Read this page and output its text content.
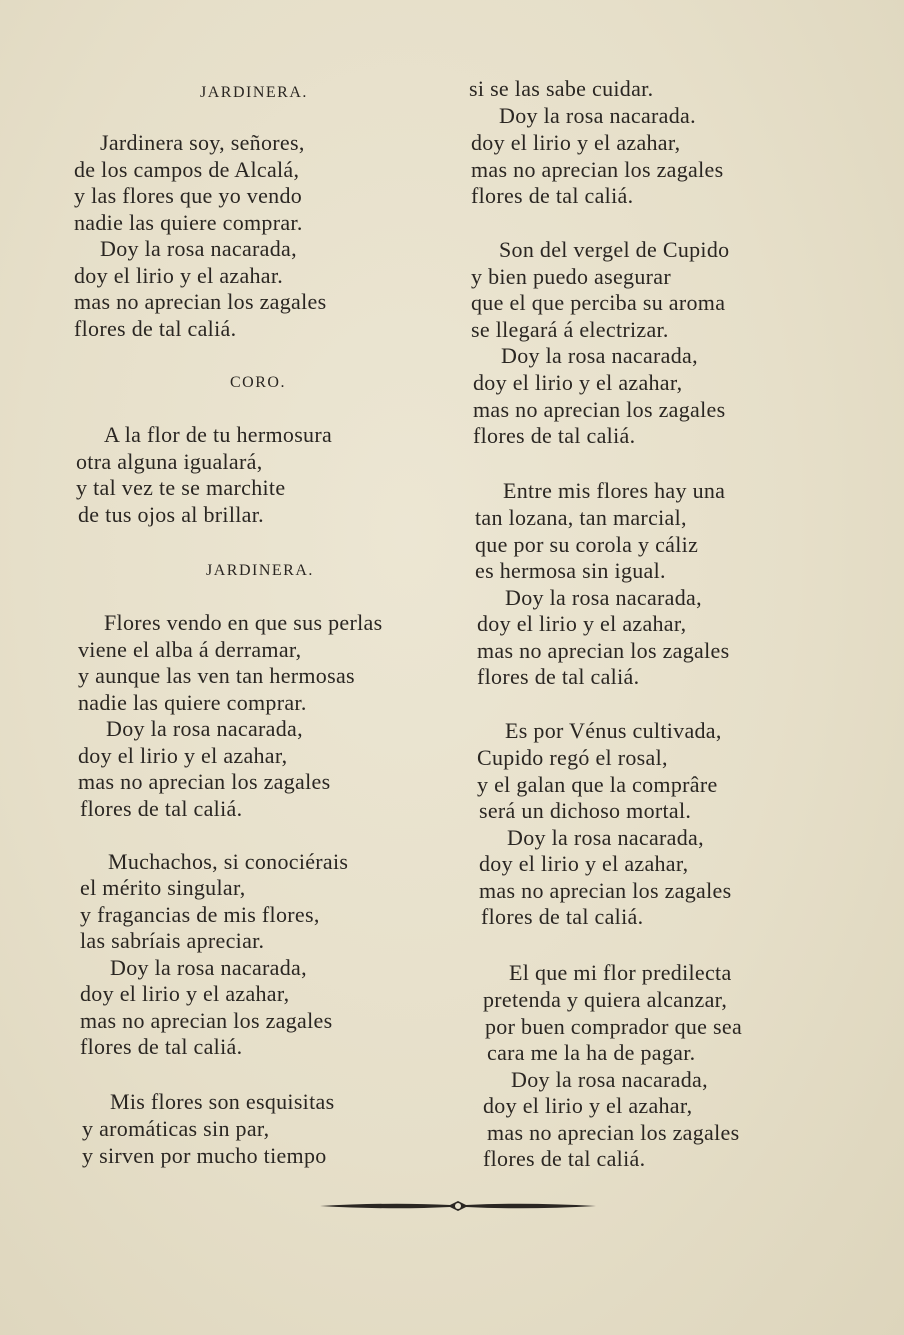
JARDINERA.
Jardinera soy, señores,
de los campos de Alcalá,
y las flores que yo vendo
nadie las quiere comprar.
Doy la rosa nacarada,
doy el lirio y el azahar.
mas no aprecian los zagales
flores de tal caliá.
CORO.
A la flor de tu hermosura
otra alguna igualará,
y tal vez te se marchite
de tus ojos al brillar.
JARDINERA.
Flores vendo en que sus perlas
viene el alba á derramar,
y aunque las ven tan hermosas
nadie las quiere comprar.
Doy la rosa nacarada,
doy el lirio y el azahar,
mas no aprecian los zagales
flores de tal caliá.
Muchachos, si conociérais
el mérito singular,
y fragancias de mis flores,
las sabríais apreciar.
Doy la rosa nacarada,
doy el lirio y el azahar,
mas no aprecian los zagales
flores de tal caliá.
Mis flores son esquisitas
y aromáticas sin par,
y sirven por mucho tiempo
si se las sabe cuidar.
Doy la rosa nacarada.
doy el lirio y el azahar,
mas no aprecian los zagales
flores de tal caliá.
Son del vergel de Cupido
y bien puedo asegurar
que el que perciba su aroma
se llegará á electrizar.
Doy la rosa nacarada,
doy el lirio y el azahar,
mas no aprecian los zagales
flores de tal caliá.
Entre mis flores hay una
tan lozana, tan marcial,
que por su corola y cáliz
es hermosa sin igual.
Doy la rosa nacarada,
doy el lirio y el azahar,
mas no aprecian los zagales
flores de tal caliá.
Es por Vénus cultivada,
Cupido regó el rosal,
y el galan que la comprâre
será un dichoso mortal.
Doy la rosa nacarada,
doy el lirio y el azahar,
mas no aprecian los zagales
flores de tal caliá.
El que mi flor predilecta
pretenda y quiera alcanzar,
por buen comprador que sea
cara me la ha de pagar.
Doy la rosa nacarada,
doy el lirio y el azahar,
mas no aprecian los zagales
flores de tal caliá.
